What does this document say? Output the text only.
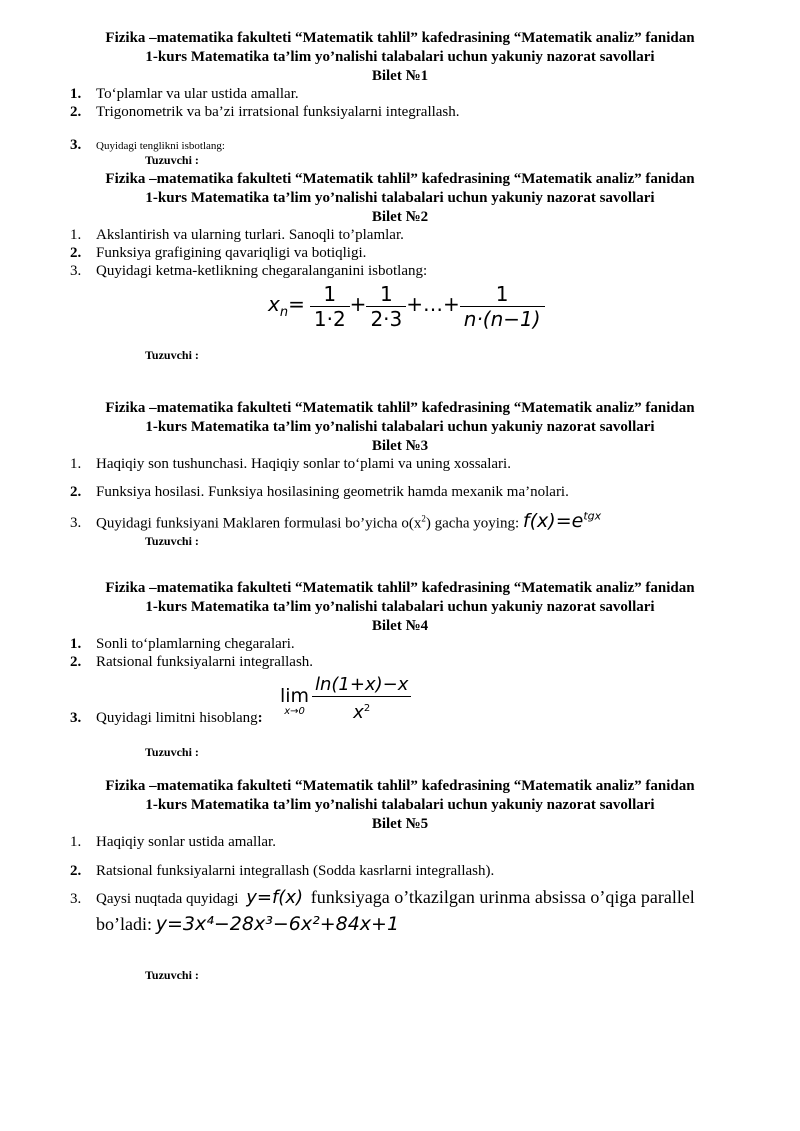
Fizika –matematika fakulteti “Matematik tahlil” kafedrasining “Matematik analiz” fanidan
1-kurs Matematika ta’lim yo’nalishi talabalari uchun yakuniy nazorat savollari
Bilet №1
1. To‘plamlar va ular ustida amallar.
2. Trigonometrik va ba’zi irratsional funksiyalarni integrallash.
3. Quyidagi tenglikni isbotlang:
Tuzuvchi :
Fizika –matematika fakulteti “Matematik tahlil” kafedrasining “Matematik analiz” fanidan
1-kurs Matematika ta’lim yo’nalishi talabalari uchun yakuniy nazorat savollari
Bilet №2
1. Akslantirish va ularning turlari. Sanoqli to’plamlar.
2. Funksiya grafigining qavariqligi va botiqligi.
3. Quyidagi ketma-ketlikning chegaralanganini isbotlang:
$x_n= \frac{1}{1\cdot 2} + \frac{1}{2\cdot 3}$ +…+ $\frac{1}{n\cdot(n-1)}$
Tuzuvchi :
Fizika –matematika fakulteti “Matematik tahlil” kafedrasining “Matematik analiz” fanidan
1-kurs Matematika ta’lim yo’nalishi talabalari uchun yakuniy nazorat savollari
Bilet №3
1. Haqiqiy son tushunchasi. Haqiqiy sonlar to‘plami va uning xossalari.
2. Funksiya hosilasi. Funksiya hosilasining geometrik hamda mexanik ma’nolari.
3. Quyidagi funksiyani Maklaren formulasi bo’yicha $o(x^2)$ gacha yoying: $f(x)=e^{tgx}$
Tuzuvchi :
Fizika –matematika fakulteti “Matematik tahlil” kafedrasining “Matematik analiz” fanidan
1-kurs Matematika ta’lim yo’nalishi talabalari uchun yakuniy nazorat savollari
Bilet №4
1. Sonli to‘plamlarning chegaralari.
2. Ratsional funksiyalarni integrallash.
3. Quyidagi limitni hisoblang:
lim
$x\to 0 \frac{\ln(1+x)-x}{x^2}$
Tuzuvchi :
Fizika –matematika fakulteti “Matematik tahlil” kafedrasining “Matematik analiz” fanidan
1-kurs Matematika ta’lim yo’nalishi talabalari uchun yakuniy nazorat savollari
Bilet №5
1. Haqiqiy sonlar ustida amallar.
2. Ratsional funksiyalarni integrallash (Sodda kasrlarni integrallash).
3. Qaysi nuqtada quyidagi y=f(x) funksiyaga o’tkazilgan urinma absissa o’qiga parallel
bo’ladi: y=3x⁴−28x³−6x²+84x+1
Tuzuvchi :
